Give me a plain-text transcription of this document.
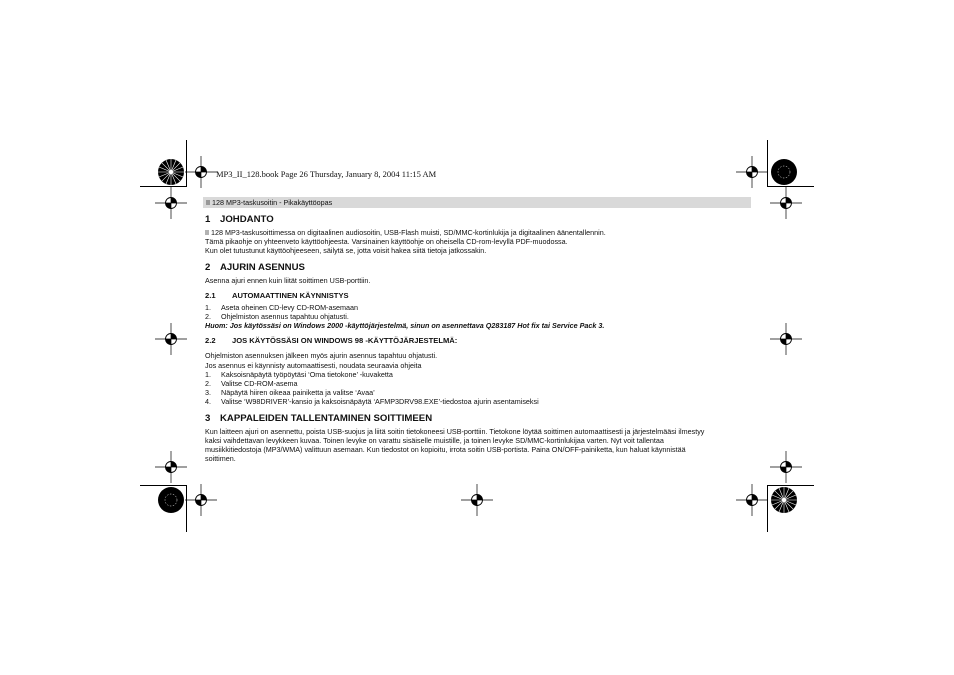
MP3_II_128.book Page 26 Thursday, January 8, 2004 11:15 AM
II 128 MP3-taskusoitin - Pikakäyttöopas
1	JOHDANTO

II 128 MP3-taskusoittimessa on digitaalinen audiosoitin, USB-Flash muisti, SD/MMC-kortinlukija ja digitaalinen äänentallennin.

Tämä pikaohje on yhteenveto käyttöohjeesta. Varsinainen käyttöohje on oheisella CD-rom-levyllä PDF-muodossa.

Kun olet tutustunut käyttöohjeeseen, säilytä se, jotta voisit hakea siitä tietoja jatkossakin.

2	AJURIN ASENNUS

Asenna ajuri ennen kuin liität soittimen USB-porttiin.

2.1	AUTOMAATTINEN KÄYNNISTYS
1.	Aseta oheinen CD-levy CD-ROM-asemaan
2.	Ohjelmiston asennus tapahtuu ohjatusti.

Huom: Jos käytössäsi on Windows 2000 -käyttöjärjestelmä, sinun on asennettava Q283187 Hot fix tai Service Pack 3.

2.2	JOS KÄYTÖSSÄSI ON WINDOWS 98 -KÄYTTÖJÄRJESTELMÄ:

Ohjelmiston asennuksen jälkeen myös ajurin asennus tapahtuu ohjatusti.

Jos asennus ei käynnisty automaattisesti, noudata seuraavia ohjeita

1.	Kaksoisnäpäytä työpöytäsi ‘Oma tietokone’ -kuvaketta
2.	Valitse CD-ROM-asema
3.	Näpäytä hiiren oikeaa painiketta ja valitse ‘Avaa’
4.	Valitse ‘W98DRIVER’-kansio ja kaksoisnäpäytä ‘AFMP3DRV98.EXE’-tiedostoa ajurin asentamiseksi
3	KAPPALEIDEN TALLENTAMINEN SOITTIMEEN

Kun laitteen ajuri on asennettu, poista USB-suojus ja liitä soitin tietokoneesi USB-porttiin. Tietokone löytää soittimen automaattisesti ja järjestelmääsi ilmestyy

kaksi vaihdettavan levykkeen kuvaa. Toinen levyke on varattu sisäiselle muistille, ja toinen levyke SD/MMC-kortinlukijaa varten. Nyt voit tallentaa

musiikkitiedostoja (MP3/WMA) valittuun asemaan. Kun tiedostot on kopioitu, irrota soitin USB-portista. Paina ON/OFF-painiketta, kun haluat käynnistää

soittimen.
